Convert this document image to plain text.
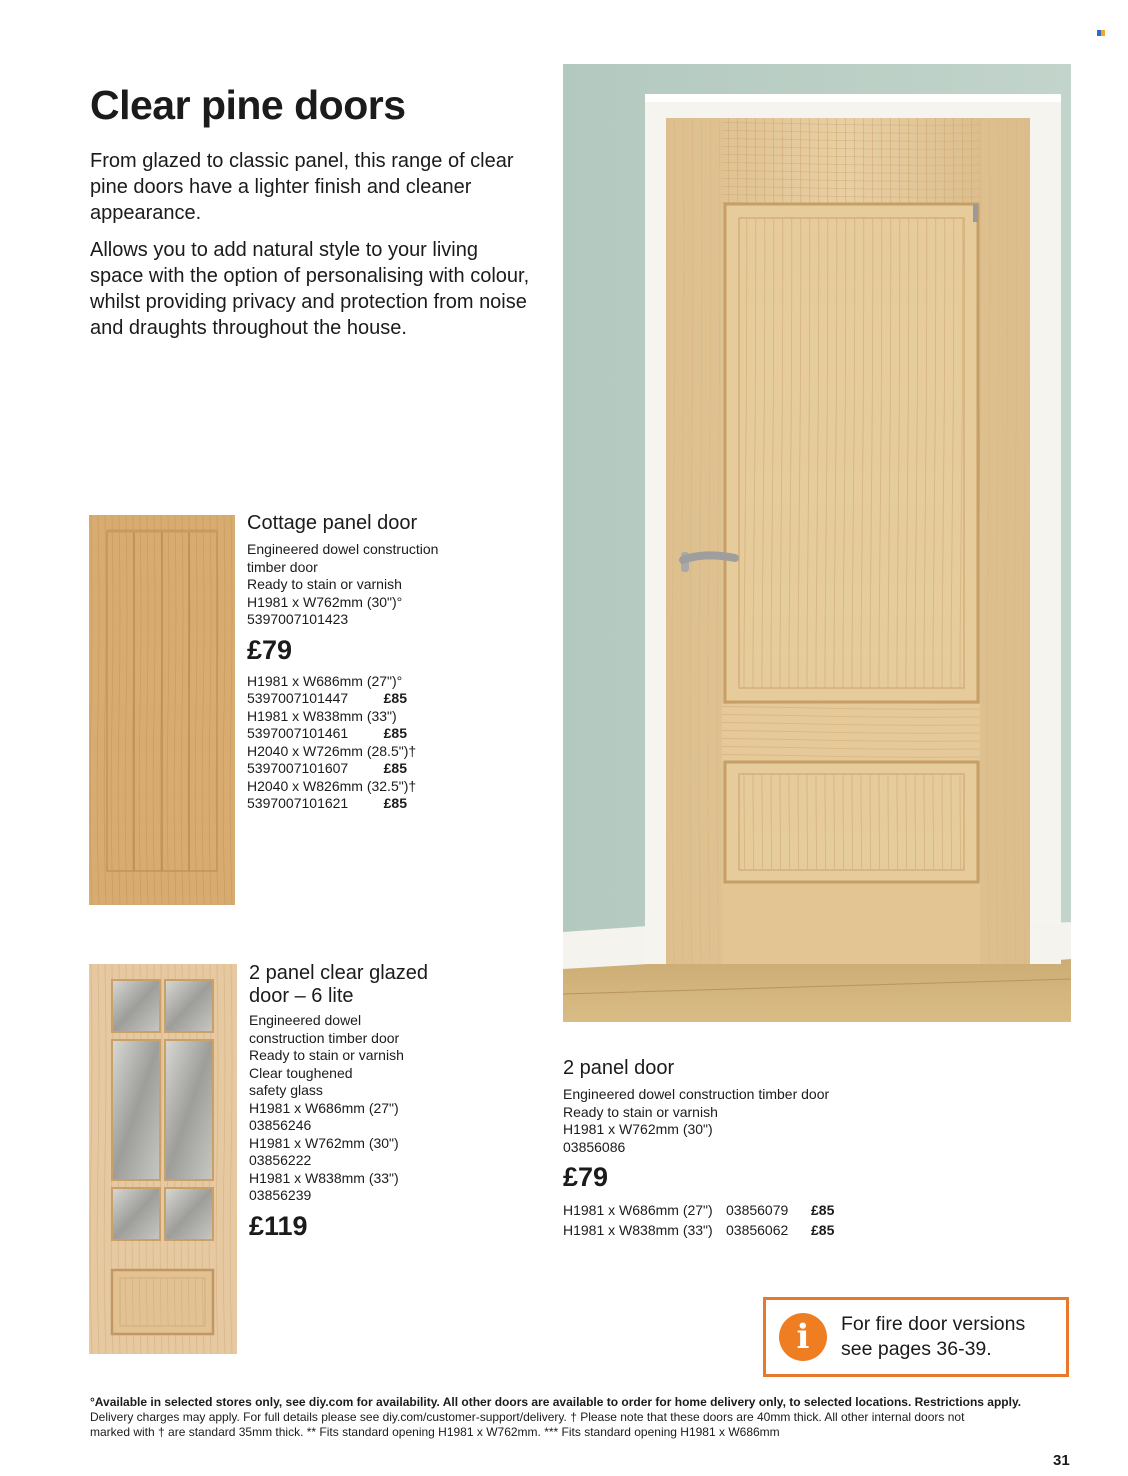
Clear pine doors

From glazed to classic panel, this range of clear pine doors have a lighter finish and cleaner appearance.

Allows you to add natural style to your living space with the option of personalising with colour, whilst providing privacy and protection from noise and draughts throughout the house.

Cottage panel door
Engineered dowel construction
timber door
Ready to stain or varnish
H1981 x W762mm (30")°
5397007101423
£79
H1981 x W686mm (27")°
5397007101447	£85
H1981 x W838mm (33")
5397007101461	£85
H2040 x W726mm (28.5")†
5397007101607	£85
H2040 x W826mm (32.5")†
5397007101621	£85
2 panel clear glazed
door – 6 lite
Engineered dowel
construction timber door
Ready to stain or varnish
Clear toughened
safety glass
H1981 x W686mm (27")
03856246
H1981 x W762mm (30")
03856222
H1981 x W838mm (33")
03856239
£119
2 panel door
Engineered dowel construction timber door
Ready to stain or varnish
H1981 x W762mm (30")
03856086
£79
H1981 x W686mm (27") 03856079	£85
H1981 x W838mm (33") 03856062	£85
i	For fire door versions
see pages 36-39.
°Available in selected stores only, see diy.com for availability. All other doors are available to order for home delivery only, to selected locations. Restrictions apply.
Delivery charges may apply. For full details please see diy.com/customer-support/delivery. † Please note that these doors are 40mm thick. All other internal doors not
marked with † are standard 35mm thick. ** Fits standard opening H1981 x W762mm. *** Fits standard opening H1981 x W686mm
31
